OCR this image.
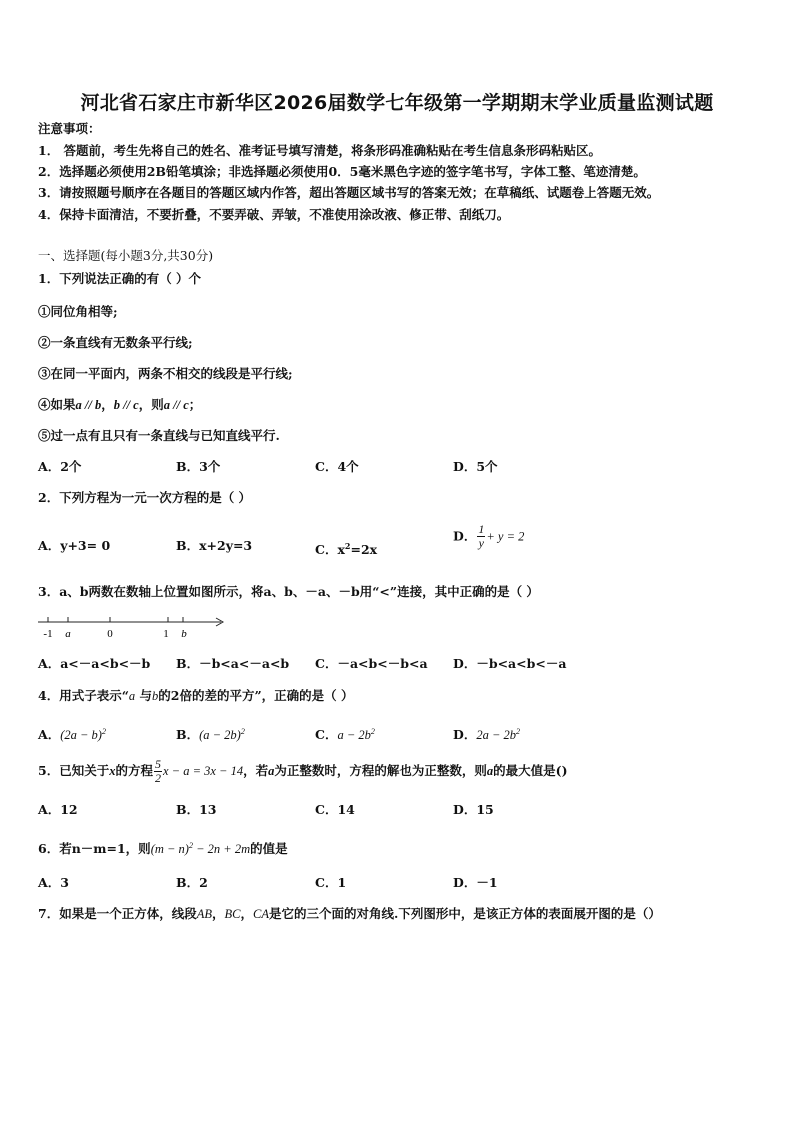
河北省石家庄市新华区2026届数学七年级第一学期期末学业质量监测试题
注意事项：
1． 答题前，考生先将自己的姓名、准考证号填写清楚，将条形码准确粘贴在考生信息条形码粘贴区。
2．选择题必须使用2B铅笔填涂；非选择题必须使用0．5毫米黑色字迹的签字笔书写，字体工整、笔迹清楚。
3．请按照题号顺序在各题目的答题区域内作答，超出答题区域书写的答案无效；在草稿纸、试题卷上答题无效。
4．保持卡面清洁，不要折叠，不要弄破、弄皱，不准使用涂改液、修正带、刮纸刀。
一、选择题(每小题3分,共30分)
1．下列说法正确的有（ ）个
①同位角相等;
②一条直线有无数条平行线;
③在同一平面内，两条不相交的线段是平行线;
④如果a // b，b // c，则a // c；
⑤过一点有且只有一条直线与已知直线平行.
A．2个	B．3个	C．4个	D．5个
2．下列方程为一元一次方程的是（ ）
A．y+3= 0	B．x+2y=3	C．$x^2=2x$
D． $\frac{1}{y} + y = 2$
3．a、b两数在数轴上位置如图所示，将a、b、－a、－b用“<”连接，其中正确的是（ ）
-1 a	0	1 b
A．a<－a<b<－b B．－b<a<－a<b C．－a<b<－b<a D．－b<a<b<－a
4．用式子表示“a 与b的2倍的差的平方”，正确的是（ ）
A．$(2a - b)^2$	B．$(a - 2b)^2$	C．$a - 2b^2$	D．$2a - 2b^2$
5．已知关于x的方程 $\frac{5}{2}$ x − a = 3x − 14，若a为正整数时，方程的解也为正整数，则a的最大值是()
A．12	B．13	C．14	D．15
6．若n－m=1，则$(m - n)^2 - 2n + 2m$的值是
A．3	B．2	C．1	D．－1
7．如果是一个正方体，线段AB，BC，CA是它的三个面的对角线.下列图形中，是该正方体的表面展开图的是（）
